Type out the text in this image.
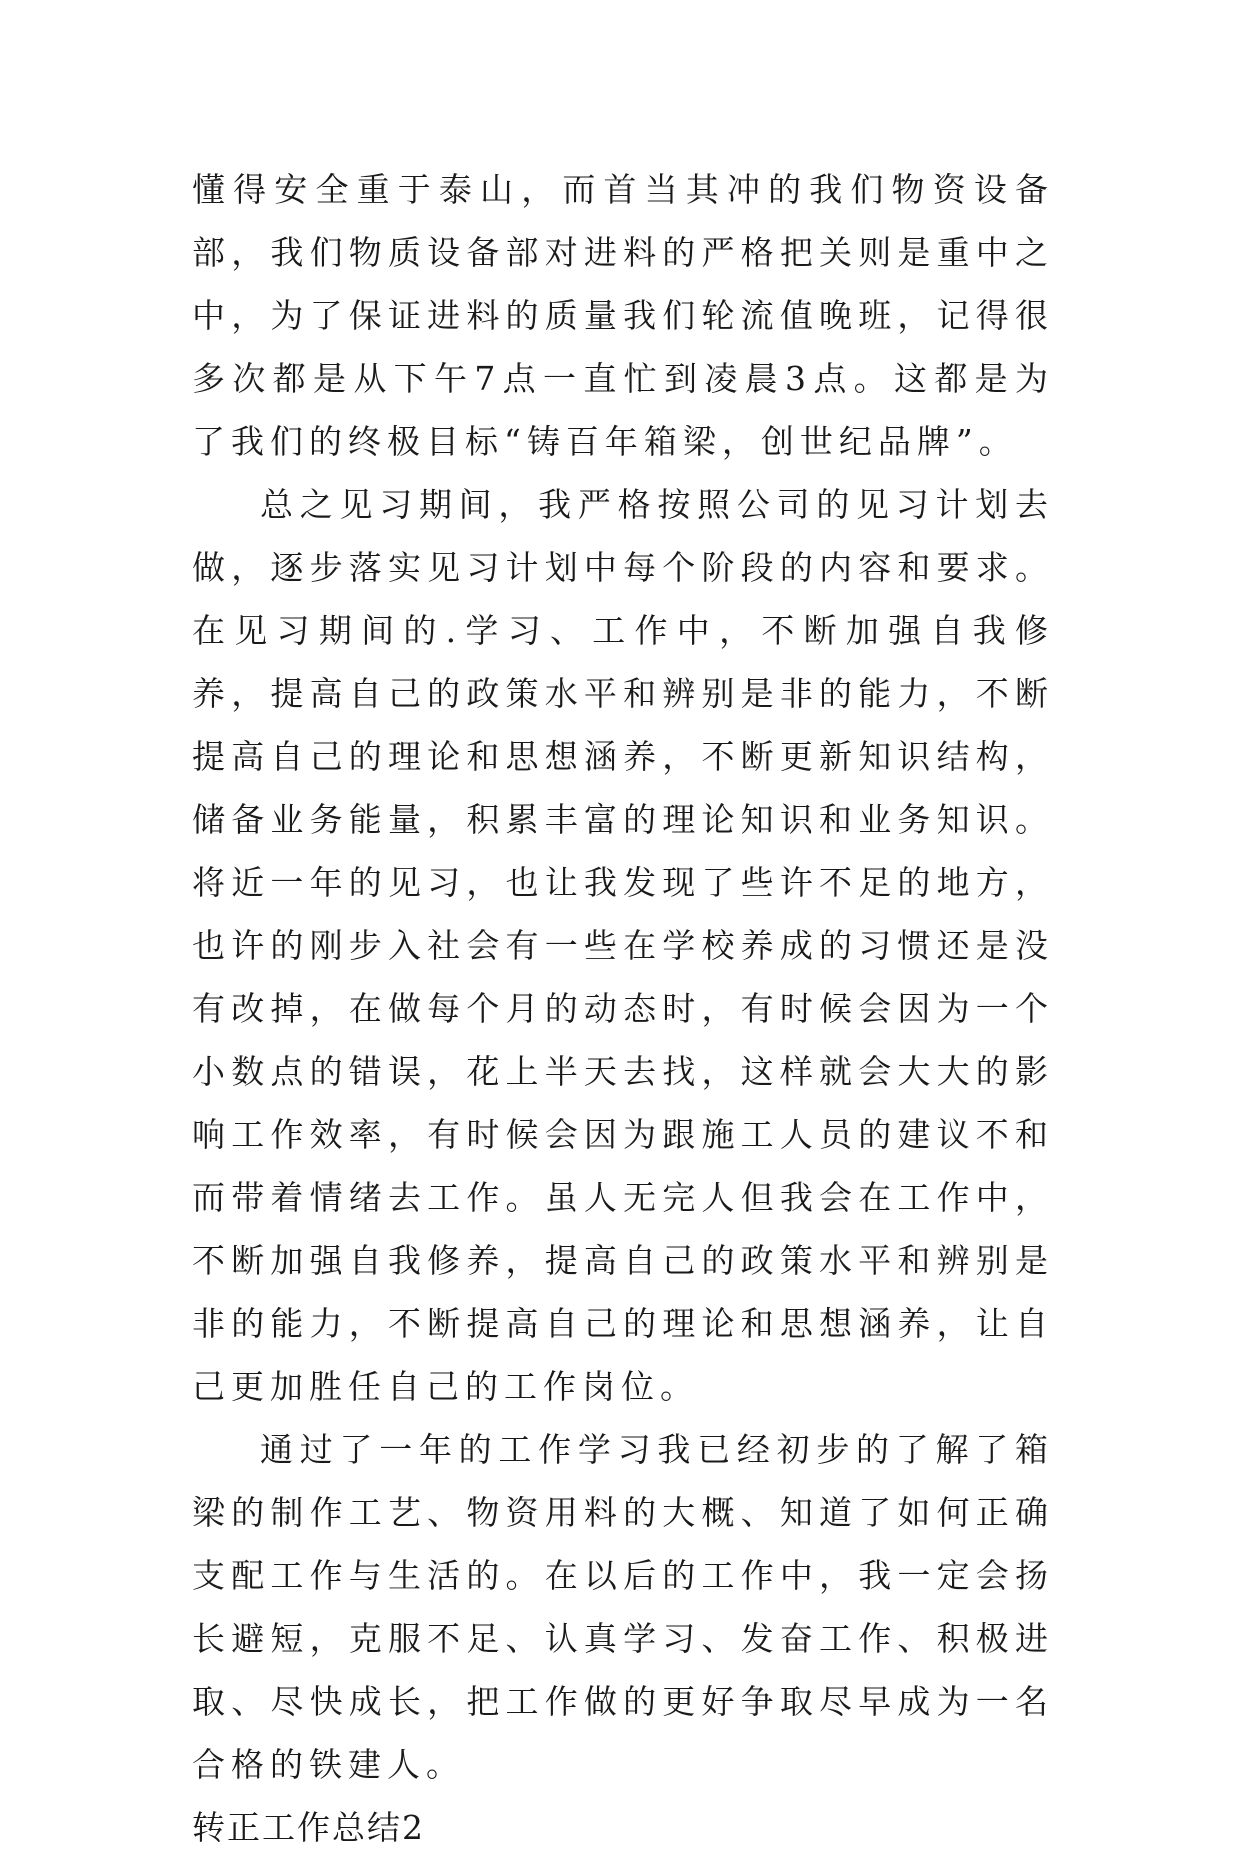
懂得安全重于泰山，而首当其冲的我们物资设备部，我们物质设备部对进料的严格把关则是重中之中，为了保证进料的质量我们轮流值晚班，记得很多次都是从下午7点一直忙到凌晨3点。这都是为了我们的终极目标“铸百年箱梁，创世纪品牌”。

总之见习期间，我严格按照公司的见习计划去做，逐步落实见习计划中每个阶段的内容和要求。在见习期间的.学习、工作中，不断加强自我修养，提高自己的政策水平和辨别是非的能力，不断提高自己的理论和思想涵养，不断更新知识结构，储备业务能量，积累丰富的理论知识和业务知识。将近一年的见习，也让我发现了些许不足的地方，也许的刚步入社会有一些在学校养成的习惯还是没有改掉，在做每个月的动态时，有时候会因为一个小数点的错误，花上半天去找，这样就会大大的影响工作效率，有时候会因为跟施工人员的建议不和而带着情绪去工作。虽人无完人但我会在工作中，不断加强自我修养，提高自己的政策水平和辨别是非的能力，不断提高自己的理论和思想涵养，让自己更加胜任自己的工作岗位。

通过了一年的工作学习我已经初步的了解了箱梁的制作工艺、物资用料的大概、知道了如何正确支配工作与生活的。在以后的工作中，我一定会扬长避短，克服不足、认真学习、发奋工作、积极进取、尽快成长，把工作做的更好争取尽早成为一名合格的铁建人。

转正工作总结2
